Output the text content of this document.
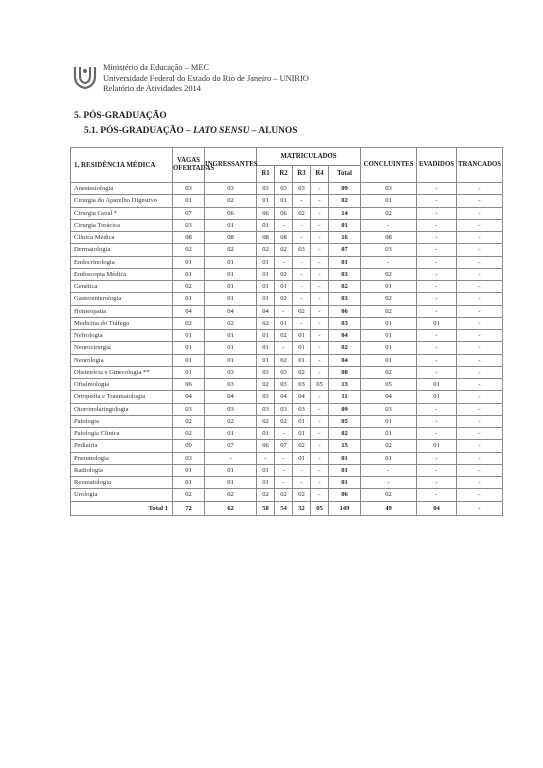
Ministério da Educação – MEC
Universidade Federal do Estado do Rio de Janeiro – UNIRIO
Relatório de Atividades 2014
5. PÓS-GRADUAÇÃO
5.1. PÓS-GRADUAÇÃO – LATO SENSU – ALUNOS
1. RESIDÊNCIA MÉDICA	VAGAS OFERTADAS	INGRESSANTES	MATRICULADOS					CONCLUINTES	EVADIDOS	TRANCADOS
			R1	R2	R3	R4	Total			
Anestesiologia	03	03	03	03	03	-	09	03	-	-
Cirurgia do Aparelho Digestivo	01	02	01	01	-	-	02	01	-	-
Cirurgia Geral *	07	06	06	06	02	-	14	02	-	-
Cirurgia Torácica	03	01	01	-	-	-	01	-	-	-
Clínica Médica	08	08	08	08	-	-	16	08	-	-
Dermatologia	02	02	02	02	03	-	07	03	-	-
Endocrinologia	01	01	01	-	-	-	01	-	-	-
Endoscopia Médica	01	01	01	02	-	-	03	02	-	-
Genética	02	01	01	01	-	-	02	01	-	-
Gastroenterologia	01	01	01	02	-	-	03	02	-	-
Homeopatia	04	04	04	-	02	-	06	02	-	-
Medicina do Tráfego	02	02	02	01	-	-	03	01	01	-
Nefrologia	01	01	01	02	01	-	04	01	-	-
Neurocirurgia	01	01	01	-	01	-	02	01	-	-
Neurologia	01	01	01	02	01	-	04	01	-	-
Obstetrícia e Ginecologia **	01	03	03	03	02	-	08	02	-	-
Oftalmologia	06	03	02	03	03	05	13	05	01	-
Ortopedia e Traumatologia	04	04	03	04	04	-	11	04	01	-
Otorrinolaringologia	03	03	03	03	03	-	09	03	-	-
Patologia	02	02	02	02	01	-	05	01	-	-
Patologia Clínica	02	01	01	-	01	-	02	01	-	-
Pediatria	09	07	06	07	02	-	15	02	01	-
Pneumologia	03	-	-	-	01	-	01	01	-	-
Radiologia	01	01	01	-	-	-	01	-	-	-
Reumatologia	01	01	01	-	-	-	01	-	-	-
Urologia	02	02	02	02	02	-	06	02	-	-
Total 1	72	62	58	54	32	05	149	49	04	-
